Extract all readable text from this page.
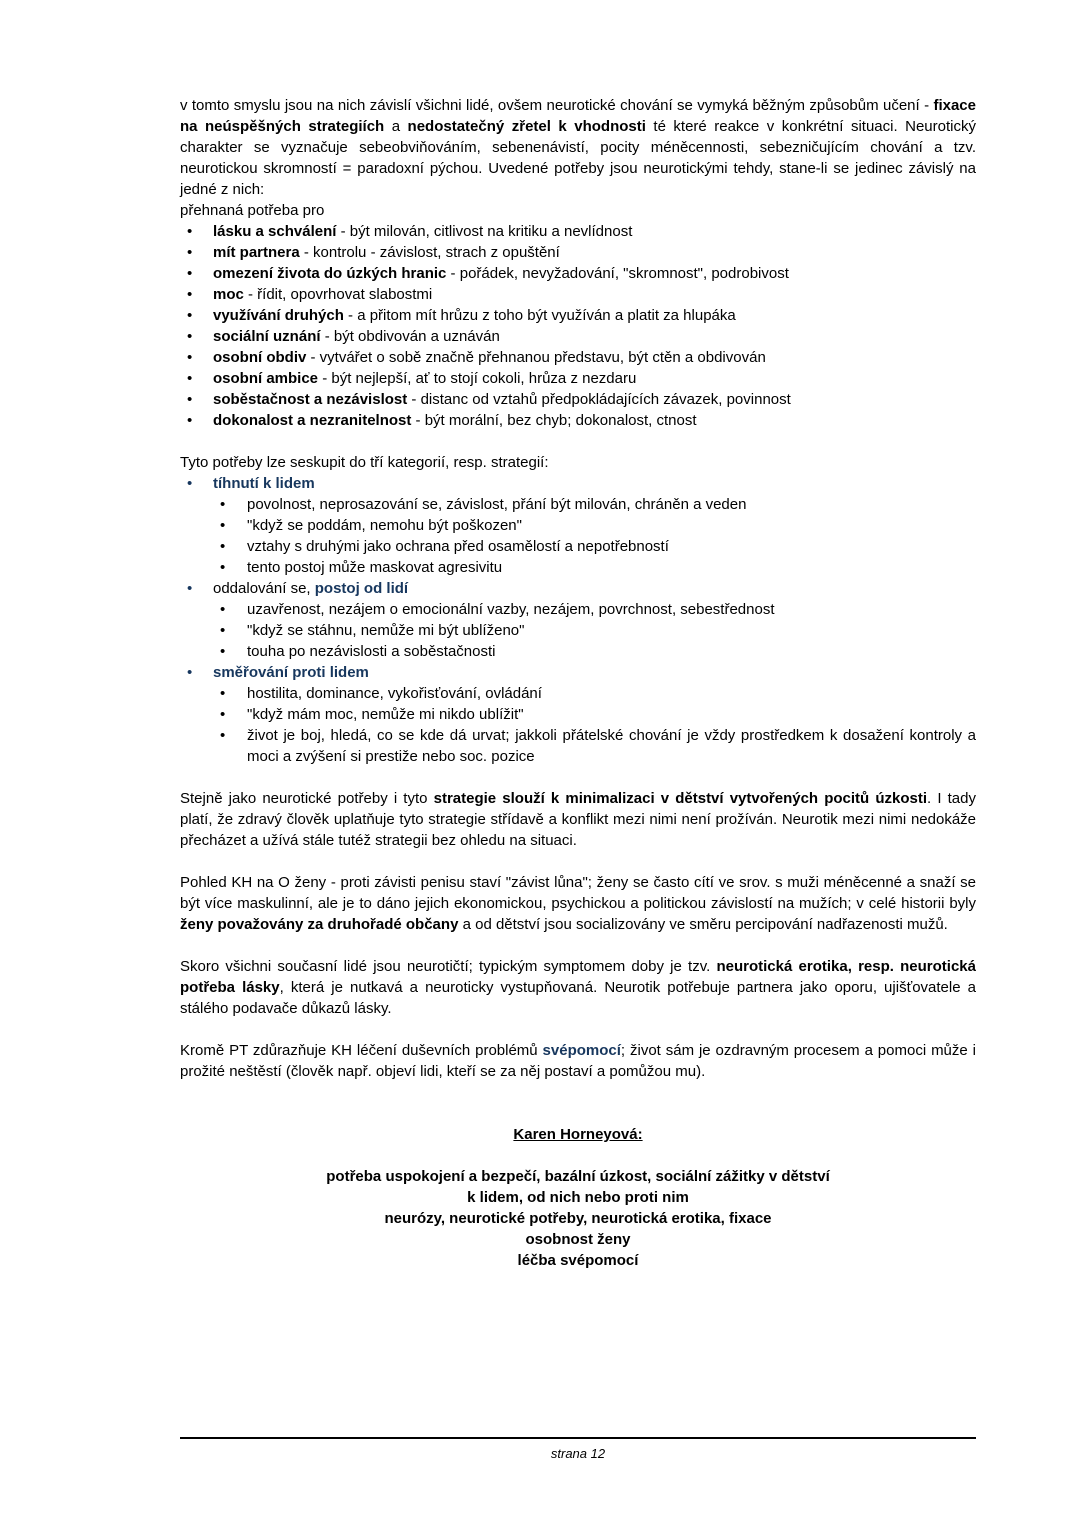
v tomto smyslu jsou na nich závislí všichni lidé, ovšem neurotické chování se vymyká běžným způsobům učení - fixace na neúspěšných strategiích a nedostatečný zřetel k vhodnosti té které reakce v konkrétní situaci. Neurotický charakter se vyznačuje sebeobviňováním, sebenenávistí, pocity méněcennosti, sebezničujícím chování a tzv. neurotickou skromností = paradoxní pýchou. Uvedené potřeby jsou neurotickými tehdy, stane-li se jedinec závislý na jedné z nich:

přehnaná potřeba pro

• lásku a schválení - být milován, citlivost na kritiku a nevlídnost
• mít partnera - kontrolu - závislost, strach z opuštění
• omezení života do úzkých hranic - pořádek, nevyžadování, "skromnost", podrobivost
• moc - řídit, opovrhovat slabostmi
• využívání druhých - a přitom mít hrůzu z toho být využíván a platit za hlupáka
• sociální uznání - být obdivován a uznáván
• osobní obdiv - vytvářet o sobě značně přehnanou představu, být ctěn a obdivován
• osobní ambice - být nejlepší, ať to stojí cokoli, hrůza z nezdaru
• soběstačnost a nezávislost - distanc od vztahů předpokládajících závazek, povinnost
• dokonalost a nezranitelnost - být morální, bez chyb; dokonalost, ctnost

Tyto potřeby lze seskupit do tří kategorií, resp. strategií:

• tíhnutí k lidem
• povolnost, neprosazování se, závislost, přání být milován, chráněn a veden
• "když se poddám, nemohu být poškozen"
• vztahy s druhými jako ochrana před osamělostí a nepotřebností
• tento postoj může maskovat agresivitu
• oddalování se, postoj od lidí
• uzavřenost, nezájem o emocionální vazby, nezájem, povrchnost, sebestřednost
• "když se stáhnu, nemůže mi být ublíženo"
• touha po nezávislosti a soběstačnosti
• směřování proti lidem
• hostilita, dominance, vykořisťování, ovládání
• "když mám moc, nemůže mi nikdo ublížit"
• život je boj, hledá, co se kde dá urvat; jakkoli přátelské chování je vždy prostředkem k dosažení kontroly a moci a zvýšení si prestiže nebo soc. pozice

Stejně jako neurotické potřeby i tyto strategie slouží k minimalizaci v dětství vytvořených pocitů úzkosti. I tady platí, že zdravý člověk uplatňuje tyto strategie střídavě a konflikt mezi nimi není prožíván. Neurotik mezi nimi nedokáže přecházet a užívá stále tutéž strategii bez ohledu na situaci.

Pohled KH na O ženy - proti závisti penisu staví "závist lůna"; ženy se často cítí ve srov. s muži méněcenné a snaží se být více maskulinní, ale je to dáno jejich ekonomickou, psychickou a politickou závislostí na mužích; v celé historii byly ženy považovány za druhořadé občany a od dětství jsou socializovány ve směru percipování nadřazenosti mužů.

Skoro všichni současní lidé jsou neurotičtí; typickým symptomem doby je tzv. neurotická erotika, resp. neurotická potřeba lásky, která je nutkavá a neuroticky vystupňovaná. Neurotik potřebuje partnera jako oporu, ujišťovatele a stálého podavače důkazů lásky.

Kromě PT zdůrazňuje KH léčení duševních problémů svépomocí; život sám je ozdravným procesem a pomoci může i prožité neštěstí (člověk např. objeví lidi, kteří se za něj postaví a pomůžou mu).

Karen Horneyová:

potřeba uspokojení a bezpečí, bazální úzkost, sociální zážitky v dětství

k lidem, od nich nebo proti nim

neurózy, neurotické potřeby, neurotická erotika, fixace

osobnost ženy

léčba svépomocí

strana 12
